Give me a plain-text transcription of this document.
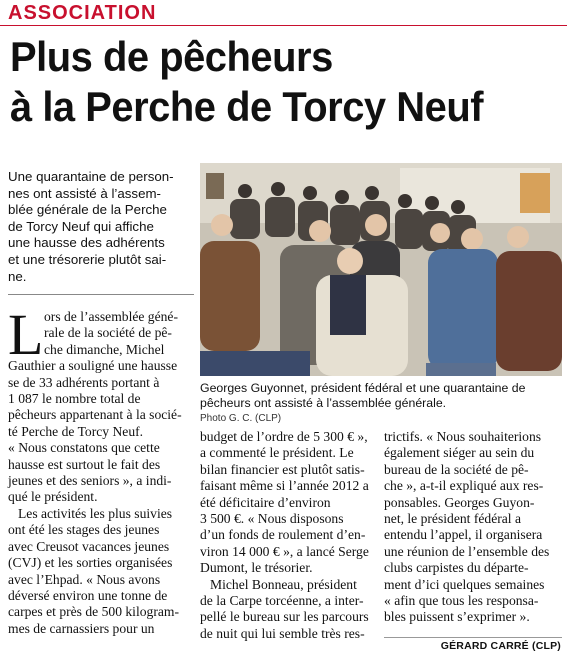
ASSOCIATION
Plus de pêcheurs
à la Perche de Torcy Neuf
Une quarantaine de person-
nes ont assisté à l’assem-
blée générale de la Perche
de Torcy Neuf qui affiche
une hausse des adhérents
et une trésorerie plutôt sai-
ne.
Georges Guyonnet, président fédéral et une quarantaine de
pêcheurs ont assisté à l’assemblée générale.
Photo G. C. (CLP)
L ors de l’assemblée géné-
rale de la société de pê-
che dimanche, Michel
Gauthier a souligné une hausse
se de 33 adhérents portant à
1 087 le nombre total de
pêcheurs appartenant à la socié-
té Perche de Torcy Neuf.
« Nous constatons que cette
hausse est surtout le fait des
jeunes et des seniors », a indi-
qué le président.
Les activités les plus suivies
ont été les stages des jeunes
avec Creusot vacances jeunes
(CVJ) et les sorties organisées
avec l’Ehpad. « Nous avons
déversé environ une tonne de
carpes et près de 500 kilogram-
mes de carnassiers pour un
budget de l’ordre de 5 300 € »,
a commenté le président. Le
bilan financier est plutôt satis-
faisant même si l’année 2012 a
été déficitaire d’environ
3 500 €. « Nous disposons
d’un fonds de roulement d’en-
viron 14 000 € », a lancé Serge
Dumont, le trésorier.
Michel Bonneau, président
de la Carpe torcéenne, a inter-
pellé le bureau sur les parcours
de nuit qui lui semble très res-
trictifs. « Nous souhaiterions
également siéger au sein du
bureau de la société de pê-
che », a-t-il expliqué aux res-
ponsables. Georges Guyon-
net, le président fédéral a
entendu l’appel, il organisera
une réunion de l’ensemble des
clubs carpistes du départe-
ment d’ici quelques semaines
« afin que tous les responsa-
bles puissent s’exprimer ».
GÉRARD CARRÉ (CLP)
